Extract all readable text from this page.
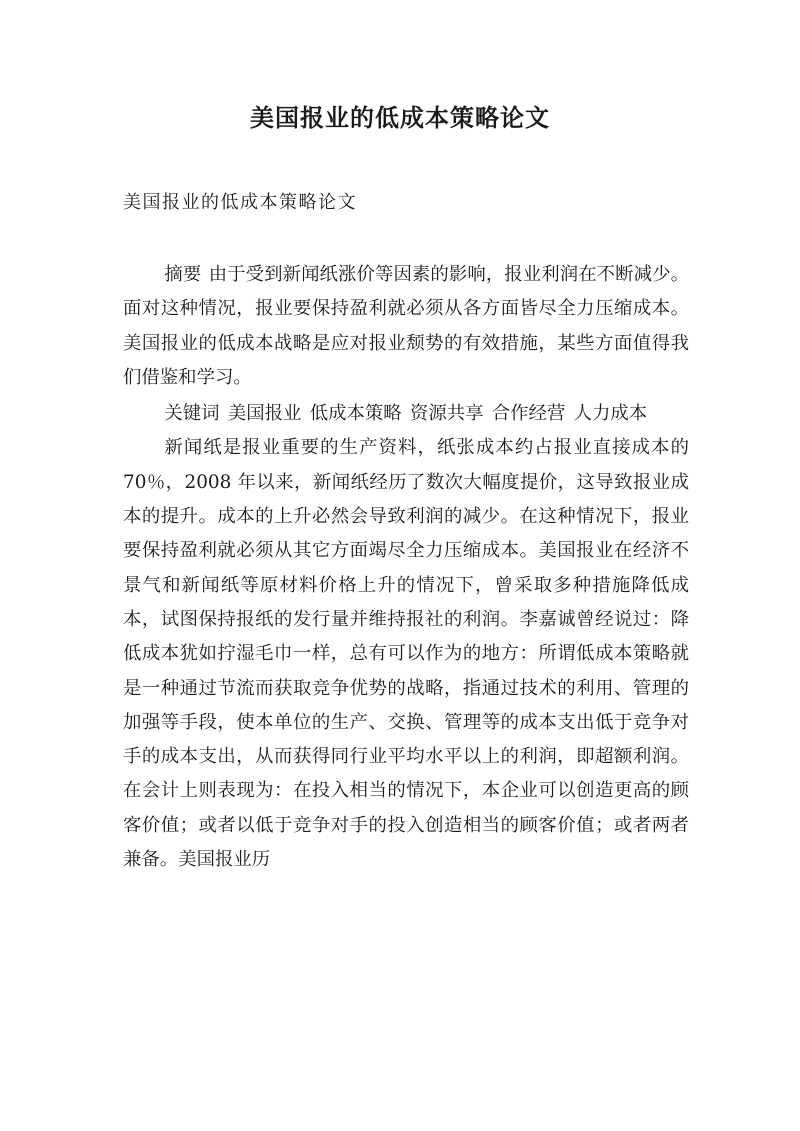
美国报业的低成本策略论文

美国报业的低成本策略论文

摘要 由于受到新闻纸涨价等因素的影响，报业利润在不断减少。面对这种情况，报业要保持盈利就必须从各方面皆尽全力压缩成本。美国报业的低成本战略是应对报业颓势的有效措施，某些方面值得我们借鉴和学习。

关键词 美国报业 低成本策略 资源共享 合作经营 人力成本

新闻纸是报业重要的生产资料，纸张成本约占报业直接成本的 70％，2008 年以来，新闻纸经历了数次大幅度提价，这导致报业成本的提升。成本的上升必然会导致利润的减少。在这种情况下，报业要保持盈利就必须从其它方面竭尽全力压缩成本。美国报业在经济不景气和新闻纸等原材料价格上升的情况下，曾采取多种措施降低成本，试图保持报纸的发行量并维持报社的利润。李嘉诚曾经说过：降低成本犹如拧湿毛巾一样，总有可以作为的地方：所谓低成本策略就是一种通过节流而获取竞争优势的战略，指通过技术的利用、管理的加强等手段，使本单位的生产、交换、管理等的成本支出低于竞争对手的成本支出，从而获得同行业平均水平以上的利润，即超额利润。在会计上则表现为：在投入相当的情况下，本企业可以创造更高的顾客价值；或者以低于竞争对手的投入创造相当的顾客价值；或者两者兼备。美国报业历
